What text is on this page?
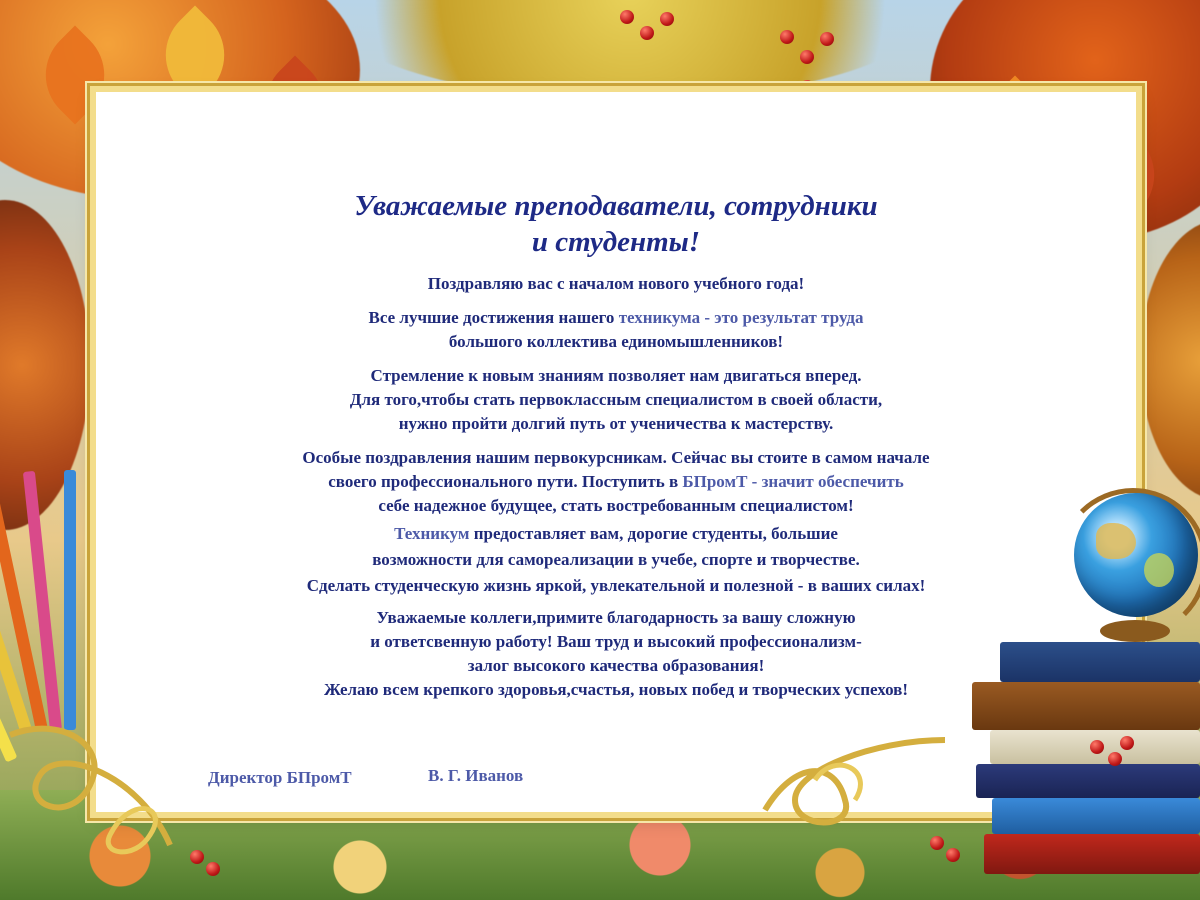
Уважаемые преподаватели, сотрудники
и студенты!
Поздравляю вас с началом нового учебного года!
Все лучшие достижения нашего техникума - это результат труда
большого коллектива единомышленников!
Стремление к новым знаниям позволяет нам двигаться вперед.
Для того,чтобы стать первоклассным специалистом в своей области,
нужно пройти долгий путь от ученичества к мастерству.
Особые поздравления нашим первокурсникам. Сейчас вы стоите в самом начале
своего профессионального пути. Поступить в БПромТ - значит обеспечить
себе надежное будущее, стать востребованным специалистом!
Техникум предоставляет вам, дорогие студенты, большие
возможности для самореализации в учебе, спорте и творчестве.
Сделать студенческую жизнь яркой, увлекательной и полезной - в ваших силах!
Уважаемые коллеги,примите благодарность за вашу сложную
и ответсвенную работу! Ваш труд и высокий профессионализм-
залог высокого качества образования!
Желаю всем крепкого здоровья,счастья, новых побед и творческих успехов!
Директор БПромТ	В. Г. Иванов
